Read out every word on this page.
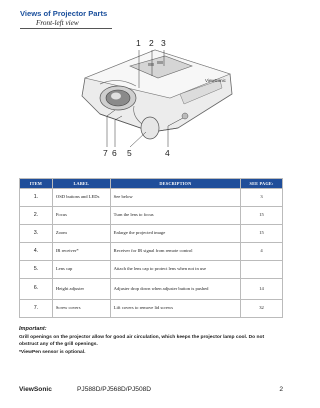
Views of Projector Parts
Front-left view
ViewSonic
1 2 3
7 6 5	4
ITEM	LABEL	DESCRIPTION	SEE PAGE:
1.	OSD buttons and LEDs	See below	3
2.	Focus	Turn the lens to focus	15
3.	Zoom	Enlarge the projected image	15
4.	IR receiver*	Receiver for IR signal from remote control	4
5.	Lens cap	Attach the lens cap to protect lens when not in use	
6.	Height adjuster	Adjuster drop down when adjuster button is pushed	14
7.	Screw covers	Lift covers to remove lid screws	32
Important:
Grill openings on the projector allow for good air circulation, which keeps the projector lamp cool. Do not obstruct any of the grill openings.
*ViewPen sensor is optional.
ViewSonic	PJ588D/PJ568D/PJ508D	2
